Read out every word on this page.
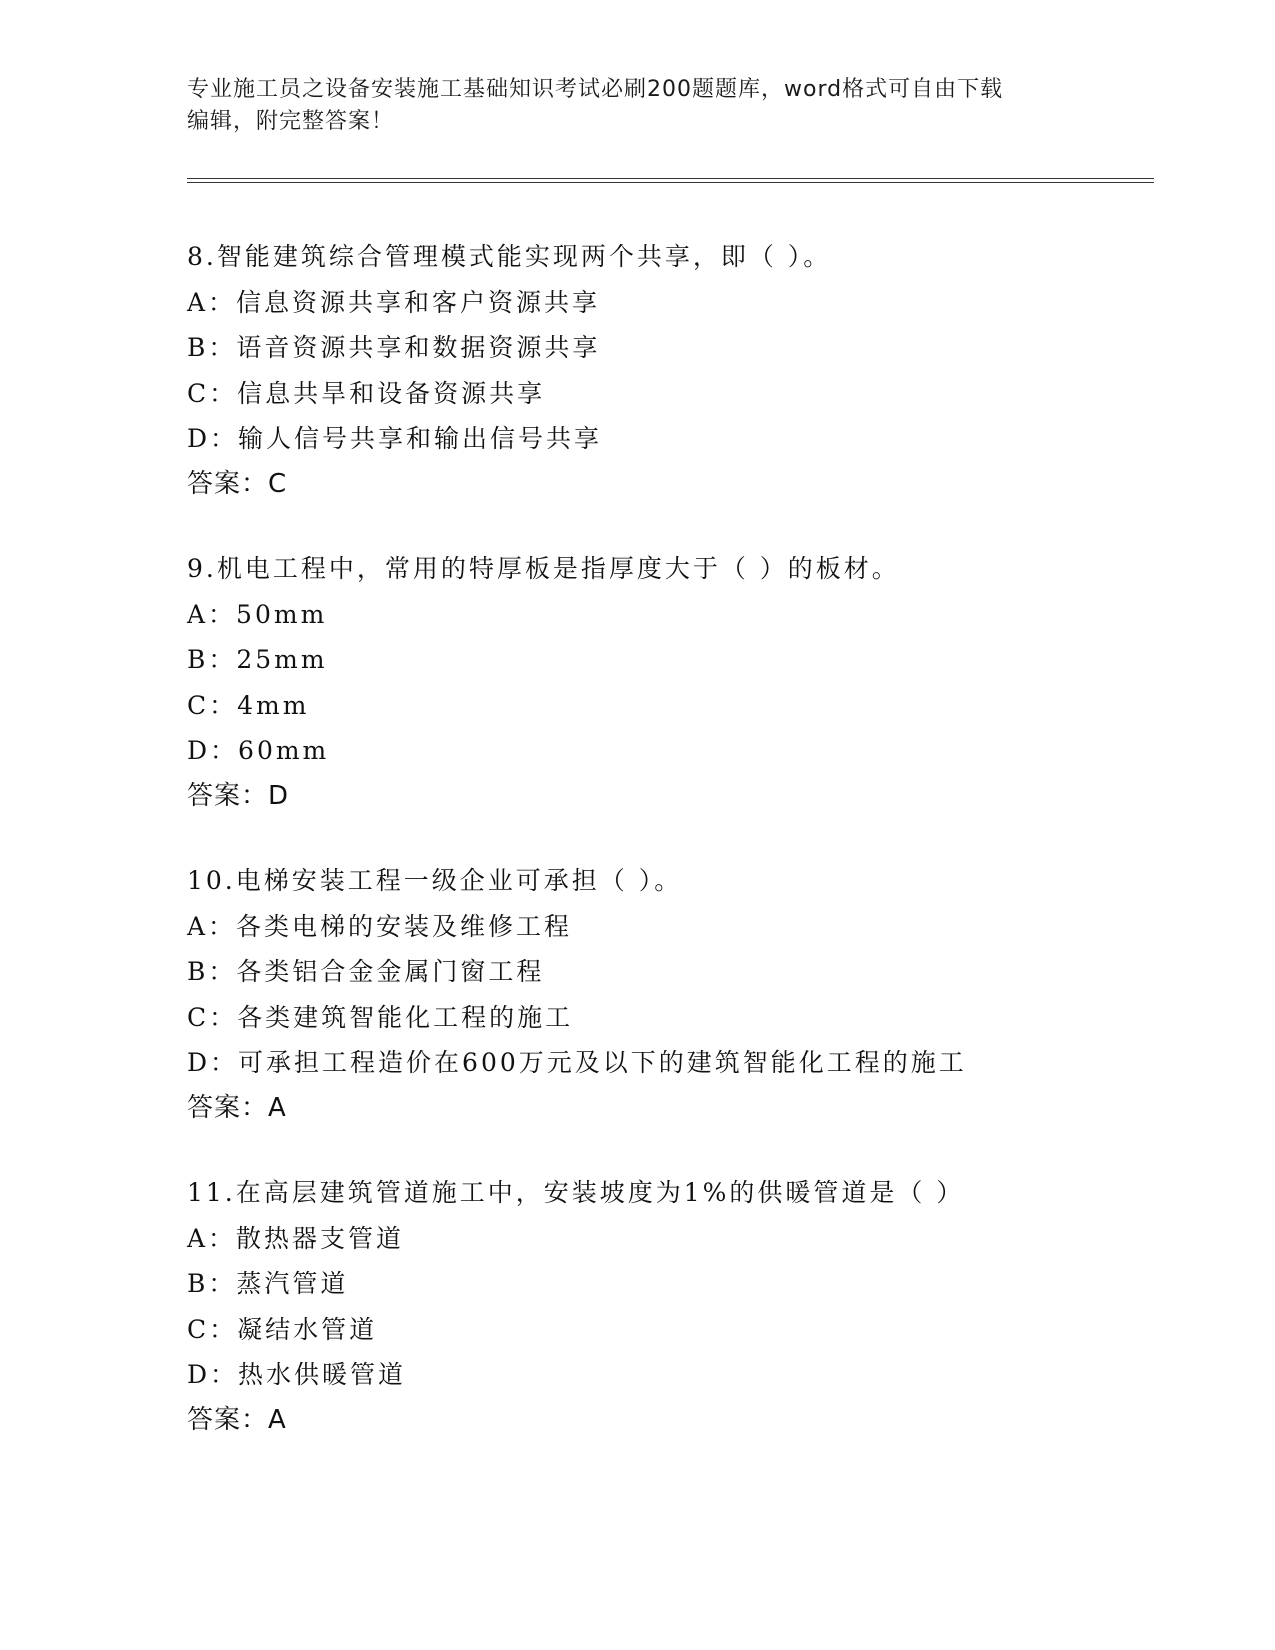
专业施工员之设备安装施工基础知识考试必刷200题题库，word格式可自由下载
编辑，附完整答案！
8.智能建筑综合管理模式能实现两个共享，即（ ）。
A：信息资源共享和客户资源共享
B：语音资源共享和数据资源共享
C：信息共旱和设备资源共享
D：输人信号共享和输出信号共享
答案：C
9.机电工程中，常用的特厚板是指厚度大于（ ）的板材。
A：50mm
B：25mm
C：4mm
D：60mm
答案：D
10.电梯安装工程一级企业可承担（ ）。
A：各类电梯的安装及维修工程
B：各类铝合金金属门窗工程
C：各类建筑智能化工程的施工
D：可承担工程造价在600万元及以下的建筑智能化工程的施工
答案：A
11.在高层建筑管道施工中，安装坡度为1%的供暖管道是（ ）
A：散热器支管道
B：蒸汽管道
C：凝结水管道
D：热水供暖管道
答案：A
